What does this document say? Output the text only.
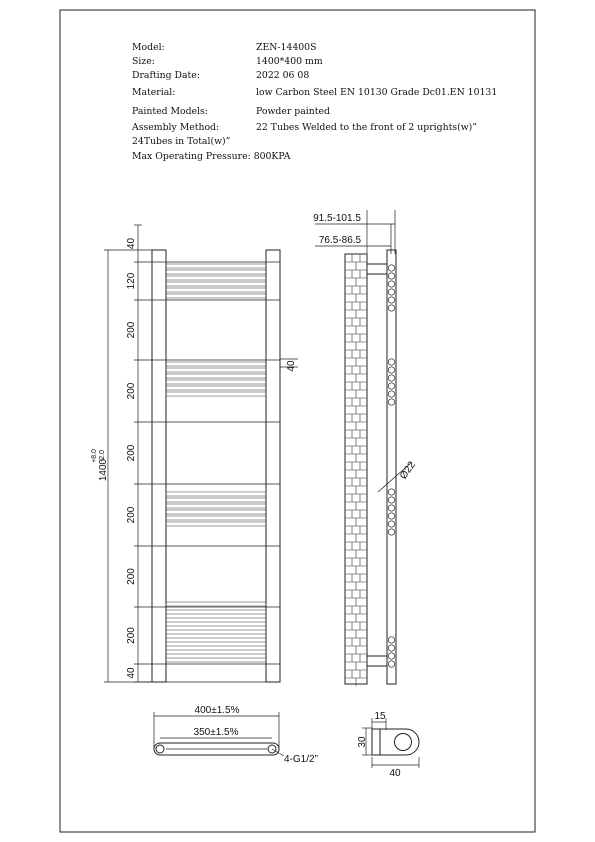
Model:	ZEN-14400S
Size:	1400*400 mm
Drafting Date:	2022 06 08
Material:	low Carbon Steel EN 10130 Grade Dc01.EN 10131
Painted Models:	Powder painted
Assembly Method:	22 Tubes Welded to the front of 2 uprights(w)”
24Tubes in Total(w)”
Max Operating Pressure: 800KPA
1400
+8.0 -2.0
40
120
200
200
200
200
200
200
40
40
91.5-101.5
76.5-86.5
Ø22
400±1.5%
350±1.5%
4-G1/2”
15
30
40
